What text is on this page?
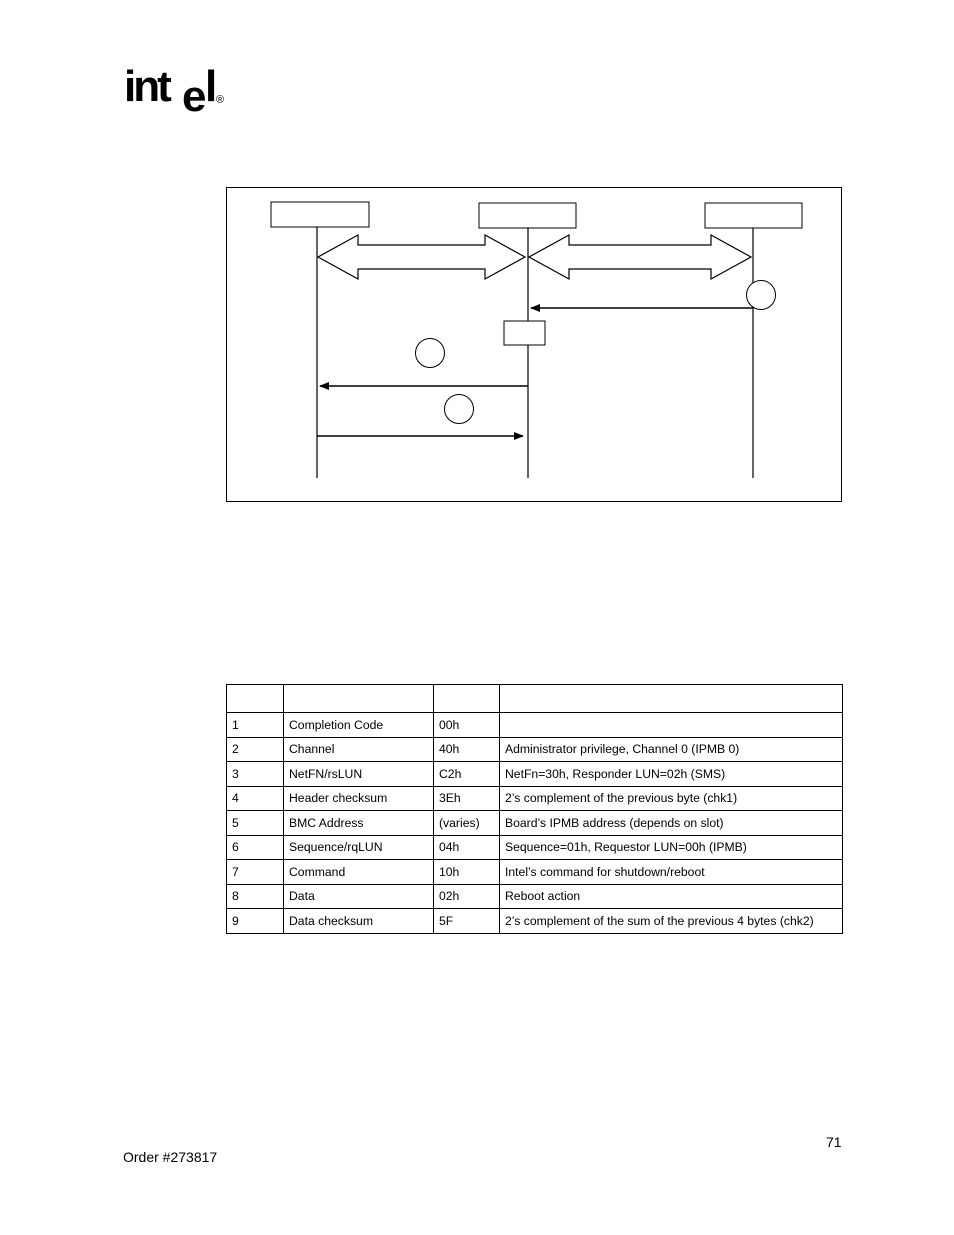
int e l
®

1	Completion Code	00h	
2	Channel	40h	Administrator privilege, Channel 0 (IPMB 0)
3	NetFN/rsLUN	C2h	NetFn=30h, Responder LUN=02h (SMS)
4	Header checksum	3Eh	2’s complement of the previous byte (chk1)
5	BMC Address	(varies)	Board’s IPMB address (depends on slot)
6	Sequence/rqLUN	04h	Sequence=01h, Requestor LUN=00h (IPMB)
7	Command	10h	Intel’s command for shutdown/reboot
8	Data	02h	Reboot action
9	Data checksum	5F	2’s complement of the sum of the previous 4 bytes (chk2)
71
Order #273817
